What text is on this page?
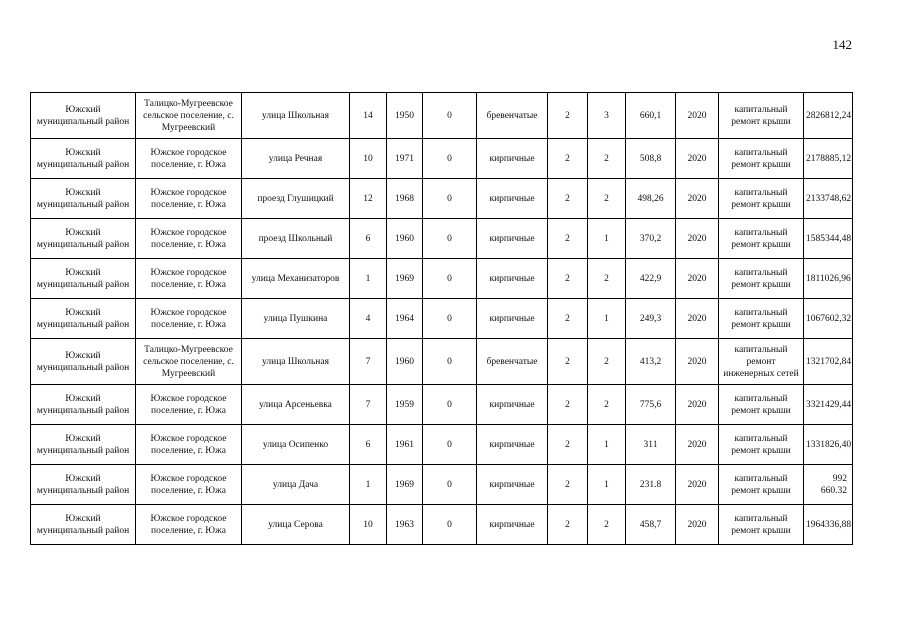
142
Южский муниципальный район	Талицко-Мугреевское сельское поселение, с. Мугреевский	улица Школьная	14	1950	0	бревенчатые	2	3	660,1	2020	капитальный ремонт крыши	2826812,24
Южский муниципальный район	Южское городское поселение, г. Южа	улица Речная	10	1971	0	кирпичные	2	2	508,8	2020	капитальный ремонт крыши	2178885,12
Южский муниципальный район	Южское городское поселение, г. Южа	проезд Глушицкий	12	1968	0	кирпичные	2	2	498,26	2020	капитальный ремонт крыши	2133748,62
Южский муниципальный район	Южское городское поселение, г. Южа	проезд Школьный	6	1960	0	кирпичные	2	1	370,2	2020	капитальный ремонт крыши	1585344,48
Южский муниципальный район	Южское городское поселение, г. Южа	улица Механизаторов	1	1969	0	кирпичные	2	2	422,9	2020	капитальный ремонт крыши	1811026,96
Южский муниципальный район	Южское городское поселение, г. Южа	улица Пушкина	4	1964	0	кирпичные	2	1	249,3	2020	капитальный ремонт крыши	1067602,32
Южский муниципальный район	Талицко-Мугреевское сельское поселение, с. Мугреевский	улица Школьная	7	1960	0	бревенчатые	2	2	413,2	2020	капитальный ремонт инженерных сетей	1321702,84
Южский муниципальный район	Южское городское поселение, г. Южа	улица Арсеньевка	7	1959	0	кирпичные	2	2	775,6	2020	капитальный ремонт крыши	3321429,44
Южский муниципальный район	Южское городское поселение, г. Южа	улица Осипенко	6	1961	0	кирпичные	2	1	311	2020	капитальный ремонт крыши	1331826,40
Южский муниципальный район	Южское городское поселение, г. Южа	улица Дача	1	1969	0	кирпичные	2	1	231.8	2020	капитальный ремонт крыши	992 660.32
Южский муниципальный район	Южское городское поселение, г. Южа	улица Серова	10	1963	0	кирпичные	2	2	458,7	2020	капитальный ремонт крыши	1964336,88
